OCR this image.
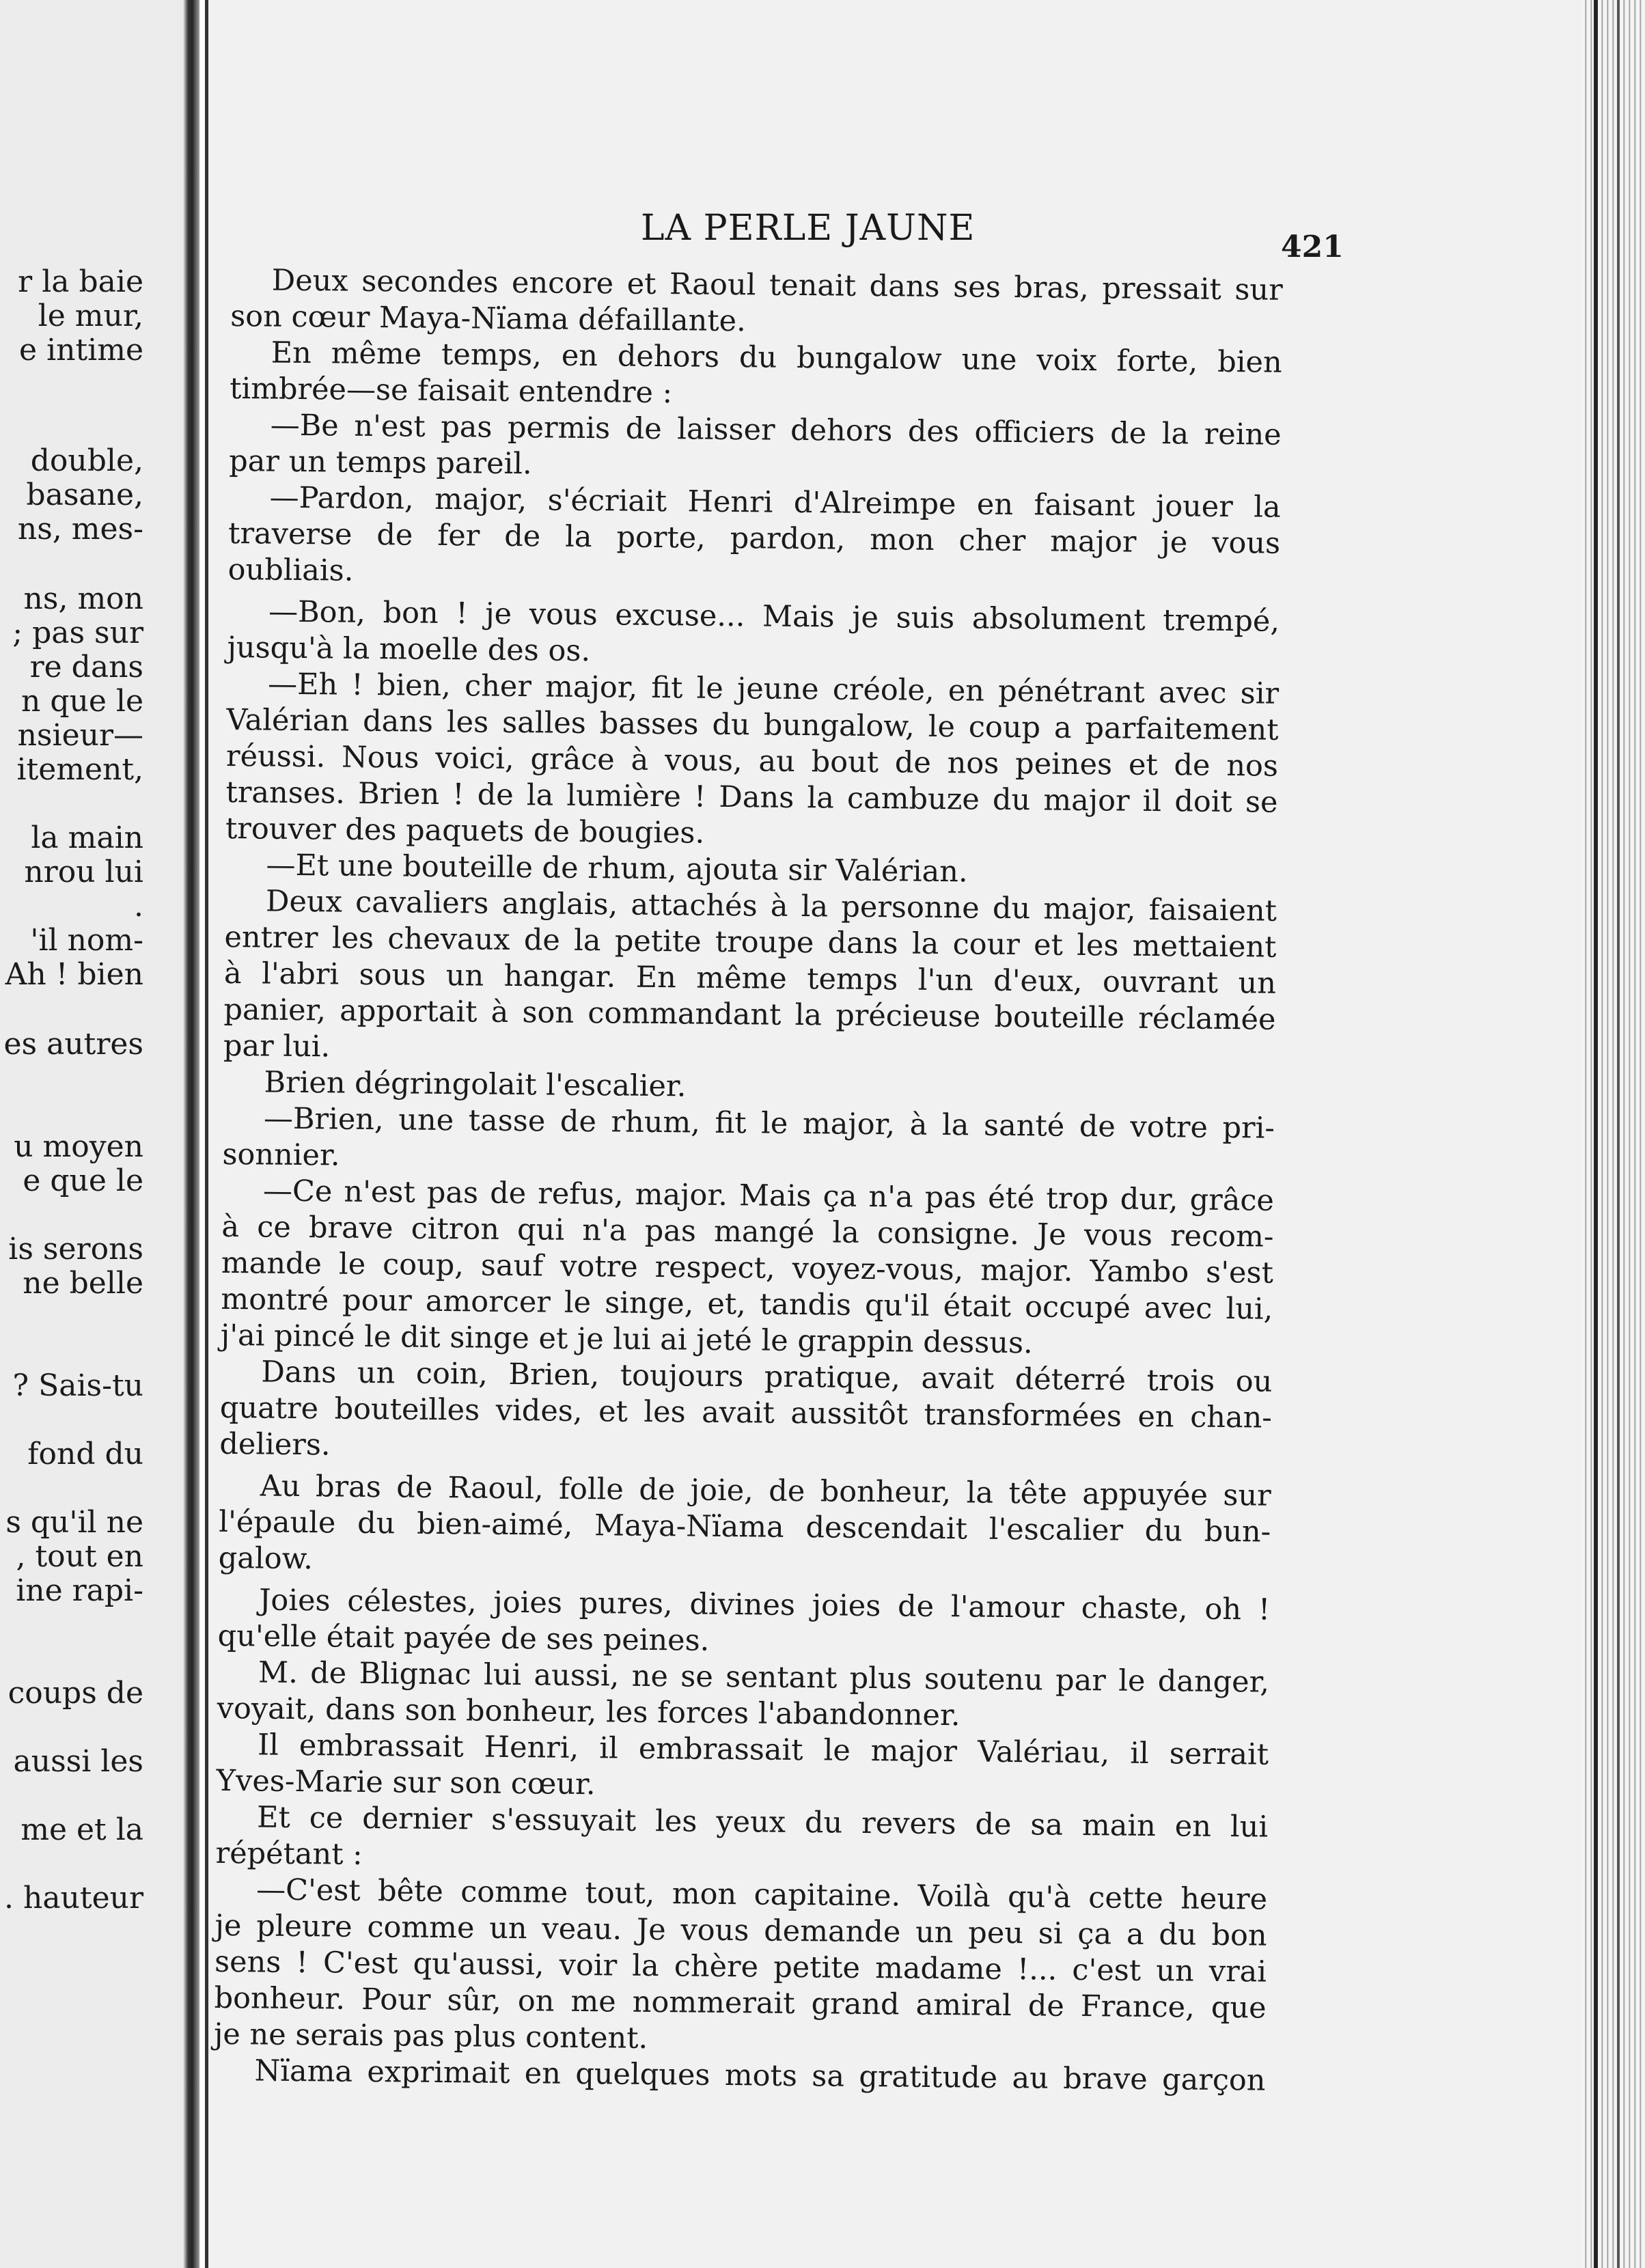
r la baie
le mur,
e intime
double,
basane,
ns, mes-
ns, mon
; pas sur
re dans
n que le
nsieur—
itement,
la main
nrou lui
.
'il nom-
Ah ! bien
es autres
u moyen
e que le
is serons
ne belle
? Sais-tu
fond du
s qu'il ne
, tout en
ine rapi-
coups de
aussi les
me et la
. hauteur
LA PERLE JAUNE	421
Deux secondes encore et Raoul tenait dans ses bras, pressait sur
son cœur Maya-Nïama défaillante.
En même temps, en dehors du bungalow une voix forte, bien
timbrée—se faisait entendre :
—Be n'est pas permis de laisser dehors des officiers de la reine
par un temps pareil.
—Pardon, major, s'écriait Henri d'Alreimpe en faisant jouer la
traverse de fer de la porte, pardon, mon cher major je vous
oubliais.
—Bon, bon ! je vous excuse... Mais je suis absolument trempé,
jusqu'à la moelle des os.
—Eh ! bien, cher major, fit le jeune créole, en pénétrant avec sir
Valérian dans les salles basses du bungalow, le coup a parfaitement
réussi. Nous voici, grâce à vous, au bout de nos peines et de nos
transes. Brien ! de la lumière ! Dans la cambuze du major il doit se
trouver des paquets de bougies.
—Et une bouteille de rhum, ajouta sir Valérian.
Deux cavaliers anglais, attachés à la personne du major, faisaient
entrer les chevaux de la petite troupe dans la cour et les mettaient
à l'abri sous un hangar. En même temps l'un d'eux, ouvrant un
panier, apportait à son commandant la précieuse bouteille réclamée
par lui.
Brien dégringolait l'escalier.
—Brien, une tasse de rhum, fit le major, à la santé de votre pri-
sonnier.
—Ce n'est pas de refus, major. Mais ça n'a pas été trop dur, grâce
à ce brave citron qui n'a pas mangé la consigne. Je vous recom-
mande le coup, sauf votre respect, voyez-vous, major. Yambo s'est
montré pour amorcer le singe, et, tandis qu'il était occupé avec lui,
j'ai pincé le dit singe et je lui ai jeté le grappin dessus.
Dans un coin, Brien, toujours pratique, avait déterré trois ou
quatre bouteilles vides, et les avait aussitôt transformées en chan-
deliers.
Au bras de Raoul, folle de joie, de bonheur, la tête appuyée sur
l'épaule du bien-aimé, Maya-Nïama descendait l'escalier du bun-
galow.
Joies célestes, joies pures, divines joies de l'amour chaste, oh !
qu'elle était payée de ses peines.
M. de Blignac lui aussi, ne se sentant plus soutenu par le danger,
voyait, dans son bonheur, les forces l'abandonner.
Il embrassait Henri, il embrassait le major Valériau, il serrait
Yves-Marie sur son cœur.
Et ce dernier s'essuyait les yeux du revers de sa main en lui
répétant :
—C'est bête comme tout, mon capitaine. Voilà qu'à cette heure
je pleure comme un veau. Je vous demande un peu si ça a du bon
sens ! C'est qu'aussi, voir la chère petite madame !... c'est un vrai
bonheur. Pour sûr, on me nommerait grand amiral de France, que
je ne serais pas plus content.
Nïama exprimait en quelques mots sa gratitude au brave garçon
